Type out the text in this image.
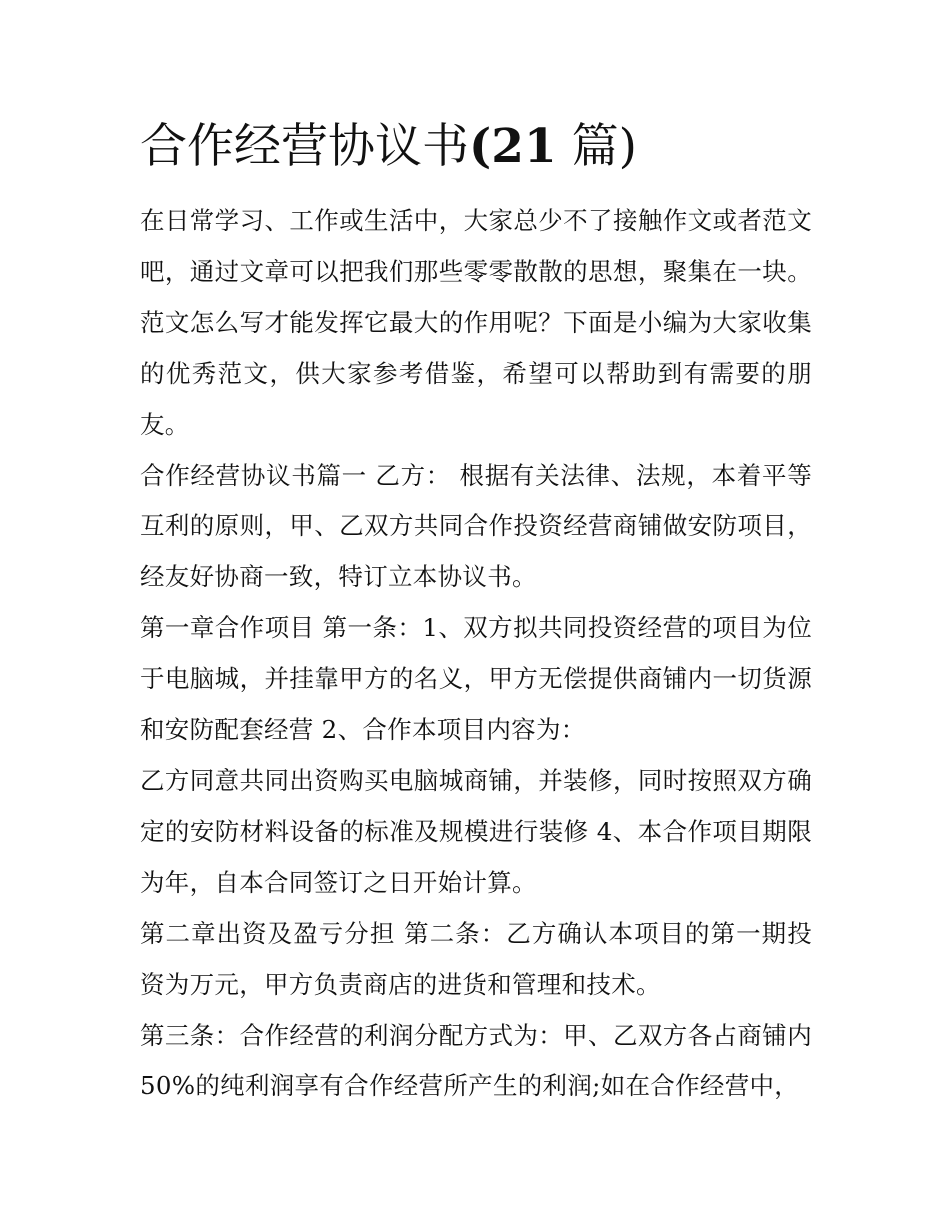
合作经营协议书(21 篇)

在日常学习、工作或生活中，大家总少不了接触作文或者范文吧，通过文章可以把我们那些零零散散的思想，聚集在一块。范文怎么写才能发挥它最大的作用呢？下面是小编为大家收集的优秀范文，供大家参考借鉴，希望可以帮助到有需要的朋友。

合作经营协议书篇一 乙方： 根据有关法律、法规，本着平等互利的原则，甲、乙双方共同合作投资经营商铺做安防项目，经友好协商一致，特订立本协议书。

第一章合作项目 第一条：1、双方拟共同投资经营的项目为位于电脑城，并挂靠甲方的名义，甲方无偿提供商铺内一切货源和安防配套经营 2、合作本项目内容为：

乙方同意共同出资购买电脑城商铺，并装修，同时按照双方确定的安防材料设备的标准及规模进行装修 4、本合作项目期限为年，自本合同签订之日开始计算。

第二章出资及盈亏分担 第二条：乙方确认本项目的第一期投资为万元，甲方负责商店的进货和管理和技术。

第三条：合作经营的利润分配方式为：甲、乙双方各占商铺内50%的纯利润享有合作经营所产生的利润;如在合作经营中，
